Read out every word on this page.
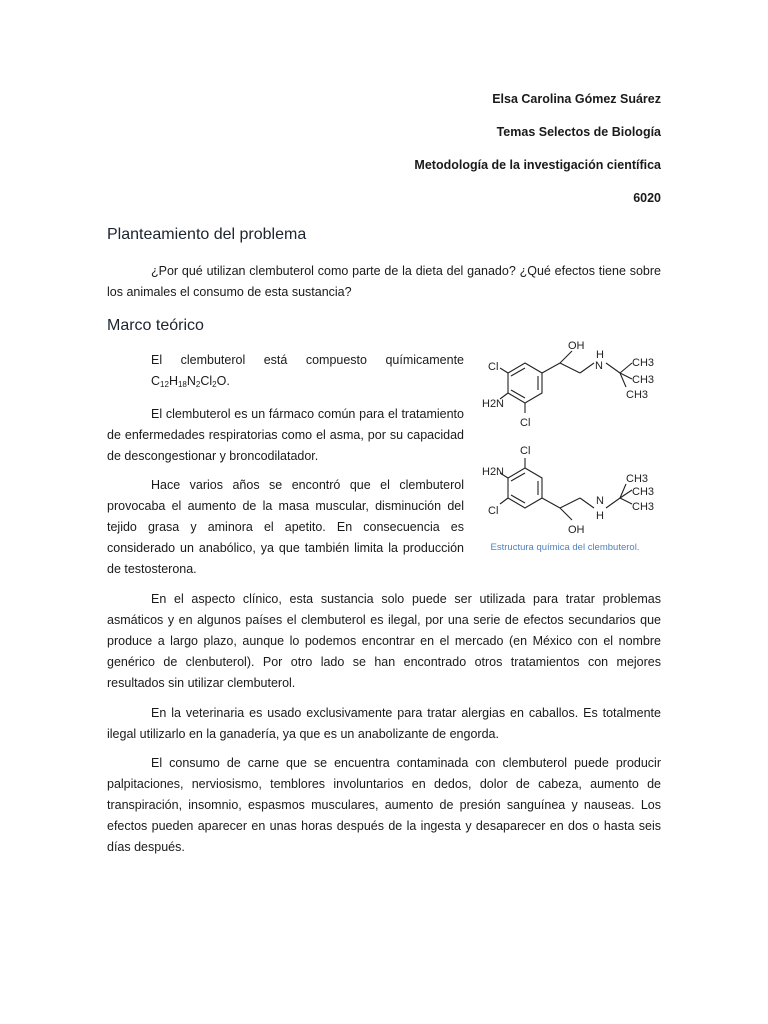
Elsa Carolina Gómez Suárez
Temas Selectos de Biología
Metodología de la investigación científica
6020
Planteamiento del problema

¿Por qué utilizan clembuterol como parte de la dieta del ganado? ¿Qué efectos tiene sobre los animales el consumo de esta sustancia?

Marco teórico

El clembuterol está compuesto químicamente

$C_{12}H_{18}N_2Cl_2O$.

El clembuterol es un fármaco común para el tratamiento de enfermedades respiratorias como el asma, por su capacidad de descongestionar y broncodilatador.

Hace varios años se encontró que el clembuterol provocaba el aumento de la masa muscular, disminución del tejido grasa y aminora el apetito. En consecuencia es considerado un anabólico, ya que también limita la producción de testosterona.

En el aspecto clínico, esta sustancia solo puede ser utilizada para tratar problemas asmáticos y en algunos países el clembuterol es ilegal, por una serie de efectos secundarios que produce a largo plazo, aunque lo podemos encontrar en el mercado (en México con el nombre genérico de clenbuterol). Por otro lado se han encontrado otros tratamientos con mejores resultados sin utilizar clembuterol.

En la veterinaria es usado exclusivamente para tratar alergias en caballos. Es totalmente ilegal utilizarlo en la ganadería, ya que es un anabolizante de engorda.

El consumo de carne que se encuentra contaminada con clembuterol puede producir palpitaciones, nerviosismo, temblores involuntarios en dedos, dolor de cabeza, aumento de transpiración, insomnio, espasmos musculares, aumento de presión sanguínea y nauseas. Los efectos pueden aparecer en unas horas después de la ingesta y desaparecer en dos o hasta seis días después.

OH
H
N	CH3
CH3
CH3
Cl
H2N
Cl
OH
N
H
CH3
CH3
CH3
Cl
H2N
Cl
Estructura química del clembuterol.
